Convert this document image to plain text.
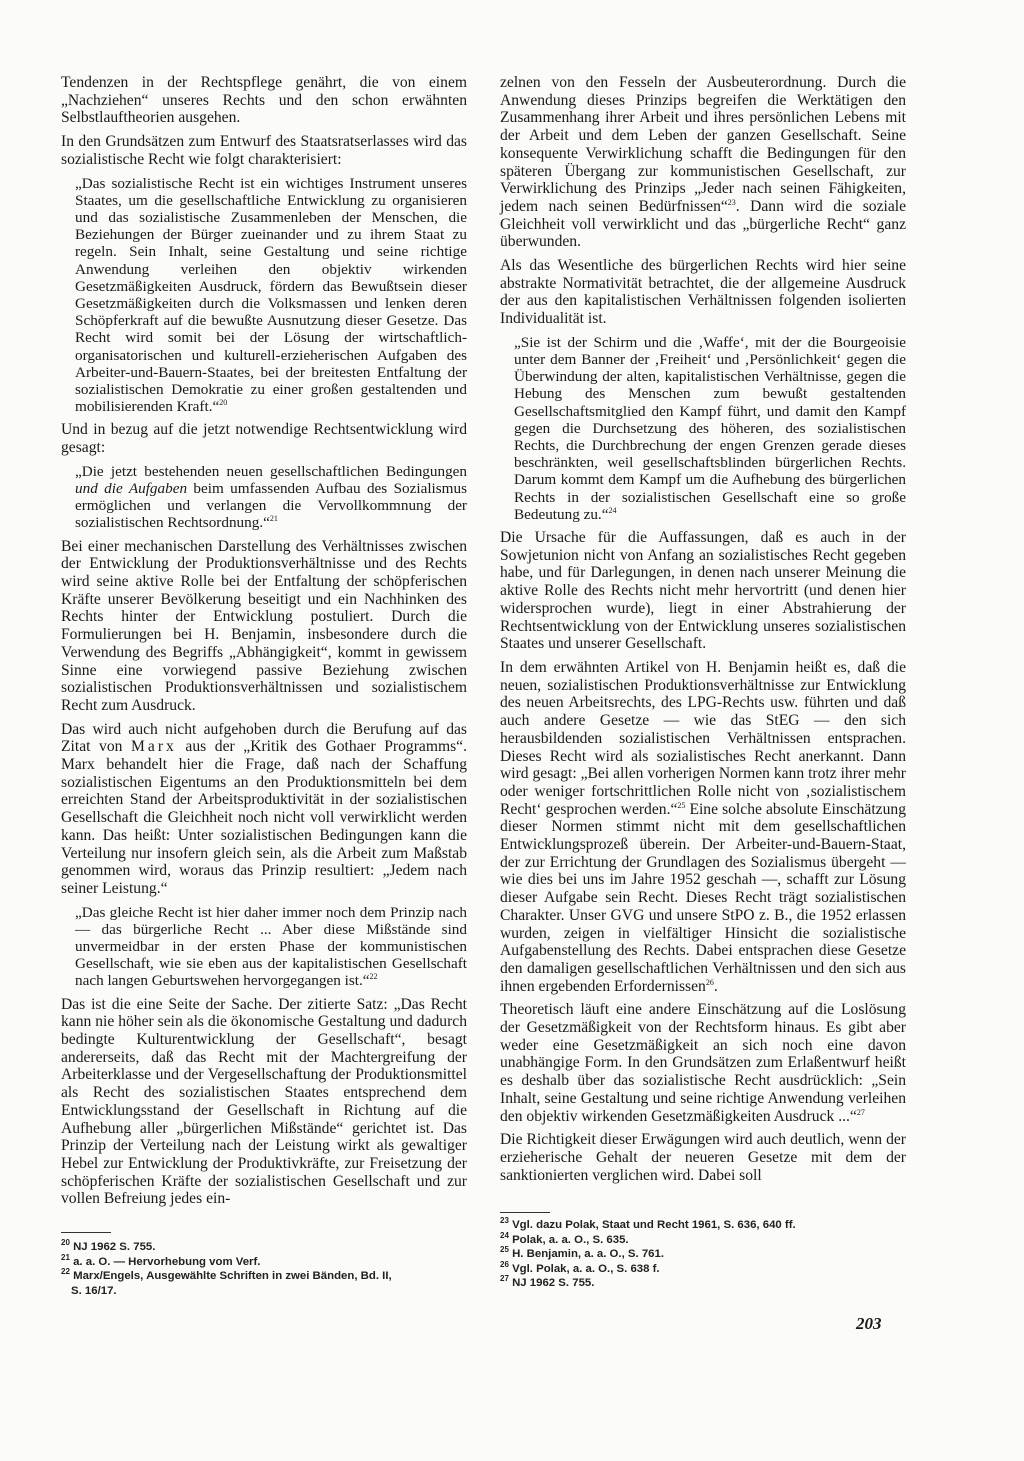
Tendenzen in der Rechtspflege genährt, die von einem „Nachziehen“ unseres Rechts und den schon erwähnten Selbstlauftheorien ausgehen.

In den Grundsätzen zum Entwurf des Staatsratserlasses wird das sozialistische Recht wie folgt charakterisiert:

„Das sozialistische Recht ist ein wichtiges Instrument unseres Staates, um die gesellschaftliche Entwicklung zu organisieren und das sozialistische Zusammenleben der Menschen, die Beziehungen der Bürger zueinander und zu ihrem Staat zu regeln. Sein Inhalt, seine Gestaltung und seine richtige Anwendung verleihen den objektiv wirkenden Gesetzmäßigkeiten Ausdruck, fördern das Bewußtsein dieser Gesetzmäßigkeiten durch die Volksmassen und lenken deren Schöpferkraft auf die bewußte Ausnutzung dieser Gesetze. Das Recht wird somit bei der Lösung der wirtschaftlich-organisatorischen und kulturell-erzieherischen Aufgaben des Arbeiter-und-Bauern-Staates, bei der breitesten Entfaltung der sozialistischen Demokratie zu einer großen gestaltenden und mobilisierenden Kraft.“$^{20}$

Und in bezug auf die jetzt notwendige Rechtsentwicklung wird gesagt:

„Die jetzt bestehenden neuen gesellschaftlichen Bedingungen und die Aufgaben beim umfassenden Aufbau des Sozialismus ermöglichen und verlangen die Vervollkommnung der sozialistischen Rechtsordnung.“$^{21}$

Bei einer mechanischen Darstellung des Verhältnisses zwischen der Entwicklung der Produktionsverhältnisse und des Rechts wird seine aktive Rolle bei der Entfaltung der schöpferischen Kräfte unserer Bevölkerung beseitigt und ein Nachhinken des Rechts hinter der Entwicklung postuliert. Durch die Formulierungen bei H. Benjamin, insbesondere durch die Verwendung des Begriffs „Abhängigkeit“, kommt in gewissem Sinne eine vorwiegend passive Beziehung zwischen sozialistischen Produktionsverhältnissen und sozialistischem Recht zum Ausdruck.

Das wird auch nicht aufgehoben durch die Berufung auf das Zitat von Marx aus der „Kritik des Gothaer Programms“. Marx behandelt hier die Frage, daß nach der Schaffung sozialistischen Eigentums an den Produktionsmitteln bei dem erreichten Stand der Arbeitsproduktivität in der sozialistischen Gesellschaft die Gleichheit noch nicht voll verwirklicht werden kann. Das heißt: Unter sozialistischen Bedingungen kann die Verteilung nur insofern gleich sein, als die Arbeit zum Maßstab genommen wird, woraus das Prinzip resultiert: „Jedem nach seiner Leistung.“

„Das gleiche Recht ist hier daher immer noch dem Prinzip nach — das bürgerliche Recht ... Aber diese Mißstände sind unvermeidbar in der ersten Phase der kommunistischen Gesellschaft, wie sie eben aus der kapitalistischen Gesellschaft nach langen Geburtswehen hervorgegangen ist.“$^{22}$

Das ist die eine Seite der Sache. Der zitierte Satz: „Das Recht kann nie höher sein als die ökonomische Gestaltung und dadurch bedingte Kulturentwicklung der Gesellschaft“, besagt andererseits, daß das Recht mit der Machtergreifung der Arbeiterklasse und der Vergesellschaftung der Produktionsmittel als Recht des sozialistischen Staates entsprechend dem Entwicklungsstand der Gesellschaft in Richtung auf die Aufhebung aller „bürgerlichen Mißstände“ gerichtet ist. Das Prinzip der Verteilung nach der Leistung wirkt als gewaltiger Hebel zur Entwicklung der Produktivkräfte, zur Freisetzung der schöpferischen Kräfte der sozialistischen Gesellschaft und zur vollen Befreiung jedes ein-

zelnen von den Fesseln der Ausbeuterordnung. Durch die Anwendung dieses Prinzips begreifen die Werktätigen den Zusammenhang ihrer Arbeit und ihres persönlichen Lebens mit der Arbeit und dem Leben der ganzen Gesellschaft. Seine konsequente Verwirklichung schafft die Bedingungen für den späteren Übergang zur kommunistischen Gesellschaft, zur Verwirklichung des Prinzips „Jeder nach seinen Fähigkeiten, jedem nach seinen Bedürfnissen“$^{23}$. Dann wird die soziale Gleichheit voll verwirklicht und das „bürgerliche Recht“ ganz überwunden.

Als das Wesentliche des bürgerlichen Rechts wird hier seine abstrakte Normativität betrachtet, die der allgemeine Ausdruck der aus den kapitalistischen Verhältnissen folgenden isolierten Individualität ist.

„Sie ist der Schirm und die ‚Waffe‘, mit der die Bourgeoisie unter dem Banner der ‚Freiheit‘ und ‚Persönlichkeit‘ gegen die Überwindung der alten, kapitalistischen Verhältnisse, gegen die Hebung des Menschen zum bewußt gestaltenden Gesellschaftsmitglied den Kampf führt, und damit den Kampf gegen die Durchsetzung des höheren, des sozialistischen Rechts, die Durchbrechung der engen Grenzen gerade dieses beschränkten, weil gesellschaftsblinden bürgerlichen Rechts. Darum kommt dem Kampf um die Aufhebung des bürgerlichen Rechts in der sozialistischen Gesellschaft eine so große Bedeutung zu.“$^{24}$

Die Ursache für die Auffassungen, daß es auch in der Sowjetunion nicht von Anfang an sozialistisches Recht gegeben habe, und für Darlegungen, in denen nach unserer Meinung die aktive Rolle des Rechts nicht mehr hervortritt (und denen hier widersprochen wurde), liegt in einer Abstrahierung der Rechtsentwicklung von der Entwicklung unseres sozialistischen Staates und unserer Gesellschaft.

In dem erwähnten Artikel von H. Benjamin heißt es, daß die neuen, sozialistischen Produktionsverhältnisse zur Entwicklung des neuen Arbeitsrechts, des LPG-Rechts usw. führten und daß auch andere Gesetze — wie das StEG — den sich herausbildenden sozialistischen Verhältnissen entsprachen. Dieses Recht wird als sozialistisches Recht anerkannt. Dann wird gesagt: „Bei allen vorherigen Normen kann trotz ihrer mehr oder weniger fortschrittlichen Rolle nicht von ‚sozialistischem Recht‘ gesprochen werden.“$^{25}$ Eine solche absolute Einschätzung dieser Normen stimmt nicht mit dem gesellschaftlichen Entwicklungsprozeß überein. Der Arbeiter-und-Bauern-Staat, der zur Errichtung der Grundlagen des Sozialismus übergeht — wie dies bei uns im Jahre 1952 geschah —, schafft zur Lösung dieser Aufgabe sein Recht. Dieses Recht trägt sozialistischen Charakter. Unser GVG und unsere StPO z. B., die 1952 erlassen wurden, zeigen in vielfältiger Hinsicht die sozialistische Aufgabenstellung des Rechts. Dabei entsprachen diese Gesetze den damaligen gesellschaftlichen Verhältnissen und den sich aus ihnen ergebenden Erfordernissen$^{26}$.

Theoretisch läuft eine andere Einschätzung auf die Loslösung der Gesetzmäßigkeit von der Rechtsform hinaus. Es gibt aber weder eine Gesetzmäßigkeit an sich noch eine davon unabhängige Form. In den Grundsätzen zum Erlaßentwurf heißt es deshalb über das sozialistische Recht ausdrücklich: „Sein Inhalt, seine Gestaltung und seine richtige Anwendung verleihen den objektiv wirkenden Gesetzmäßigkeiten Ausdruck ...“$^{27}$

Die Richtigkeit dieser Erwägungen wird auch deutlich, wenn der erzieherische Gehalt der neueren Gesetze mit dem der sanktionierten verglichen wird. Dabei soll

$^{20}$ NJ 1962 S. 755.
$^{21}$ a. a. O. — Hervorhebung vom Verf.
$^{22}$ Marx/Engels, Ausgewählte Schriften in zwei Bänden, Bd. II,
S. 16/17.
$^{23}$ Vgl. dazu Polak, Staat und Recht 1961, S. 636, 640 ff.
$^{24}$ Polak, a. a. O., S. 635.
$^{25}$ H. Benjamin, a. a. O., S. 761.
$^{26}$ Vgl. Polak, a. a. O., S. 638 f.
$^{27}$ NJ 1962 S. 755.
203
